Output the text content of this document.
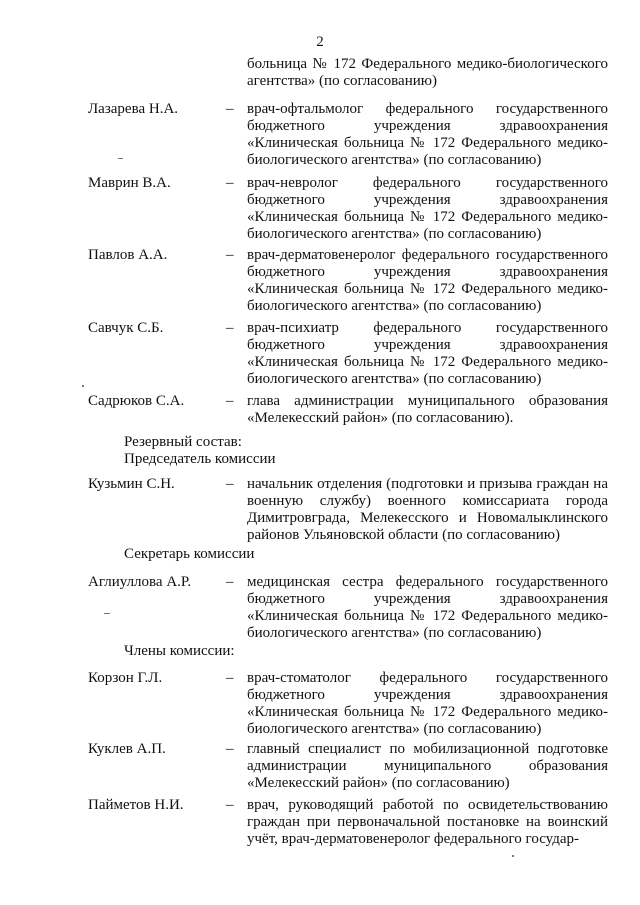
2
больница № 172 Федерального медико-биологического агентства» (по согласованию)
Лазарева Н.А.	– врач-офтальмолог федерального государственного бюджетного учреждения здравоохранения «Клиническая больница № 172 Федерального медико-биологического агентства» (по согласованию)
Маврин В.А.	– врач-невролог федерального государственного бюджетного учреждения здравоохранения «Клиническая больница № 172 Федерального медико-биологического агентства» (по согласованию)
Павлов А.А.	– врач-дерматовенеролог федерального государственного бюджетного учреждения здравоохранения «Клиническая больница № 172 Федерального медико-биологического агентства» (по согласованию)
Савчук С.Б.	– врач-психиатр федерального государственного бюджетного учреждения здравоохранения «Клиническая больница № 172 Федерального медико-биологического агентства» (по согласованию)
Садрюков С.А.	– глава администрации муниципального образования «Мелекесский район» (по согласованию).
Резервный состав:
Председатель комиссии
Кузьмин С.Н.	– начальник отделения (подготовки и призыва граждан на военную службу) военного комиссариата города Димитровграда, Мелекесского и Новомалыклинского районов Ульяновской области (по согласованию)
Секретарь комиссии
Аглиуллова А.Р. – медицинская сестра федерального государственного бюджетного учреждения здравоохранения «Клиническая больница № 172 Федерального медико-биологического агентства» (по согласованию)
Члены комиссии:
Корзон Г.Л.	– врач-стоматолог федерального государственного бюджетного учреждения здравоохранения «Клиническая больница № 172 Федерального медико-биологического агентства» (по согласованию)
Куклев А.П.	– главный специалист по мобилизационной подготовке администрации муниципального образования «Мелекесский район» (по согласованию)
Пайметов Н.И.	– врач, руководящий работой по освидетельствованию граждан при первоначальной постановке на воинский учёт, врач-дерматовенеролог федерального государ-
